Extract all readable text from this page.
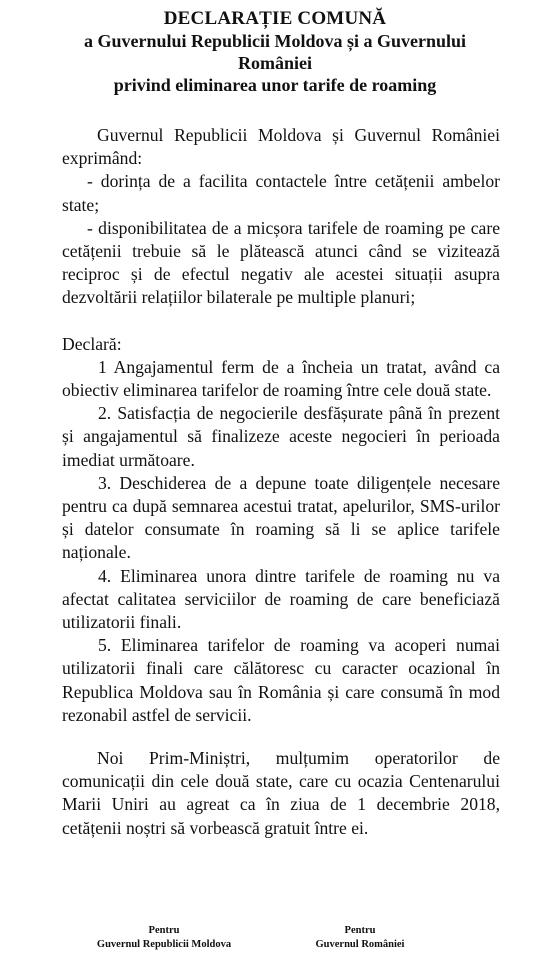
DECLARAȚIE COMUNĂ
a Guvernului Republicii Moldova și a Guvernului
României
privind eliminarea unor tarife de roaming

Guvernul Republicii Moldova și Guvernul României exprimând:

- dorința de a facilita contactele între cetățenii ambelor state;

- disponibilitatea de a micșora tarifele de roaming pe care cetățenii trebuie să le plătească atunci când se vizitează reciproc și de efectul negativ ale acestei situații asupra dezvoltării relațiilor bilaterale pe multiple planuri;

Declară:

1 Angajamentul ferm de a încheia un tratat, având ca obiectiv eliminarea tarifelor de roaming între cele două state.

2. Satisfacția de negocierile desfășurate până în prezent și angajamentul să finalizeze aceste negocieri în perioada imediat următoare.

3. Deschiderea de a depune toate diligențele necesare pentru ca după semnarea acestui tratat, apelurilor, SMS-urilor și datelor consumate în roaming să li se aplice tarifele naționale.

4. Eliminarea unora dintre tarifele de roaming nu va afectat calitatea serviciilor de roaming de care beneficiază utilizatorii finali.

5. Eliminarea tarifelor de roaming va acoperi numai utilizatorii finali care călătoresc cu caracter ocazional în Republica Moldova sau în România și care consumă în mod rezonabil astfel de servicii.

Noi Prim-Miniștri, mulțumim operatorilor de comunicații din cele două state, care cu ocazia Centenarului Marii Uniri au agreat ca în ziua de 1 decembrie 2018, cetățenii noștri să vorbească gratuit între ei.

Pentru
Guvernul Republicii Moldova
Pentru
Guvernul României
